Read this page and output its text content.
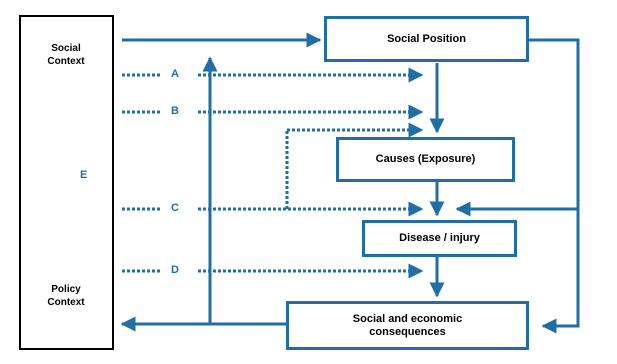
Social
Context
Policy
Context
E
A
B
C
D
Social Position
Causes (Exposure)
Disease / injury
Social and economic
consequences
